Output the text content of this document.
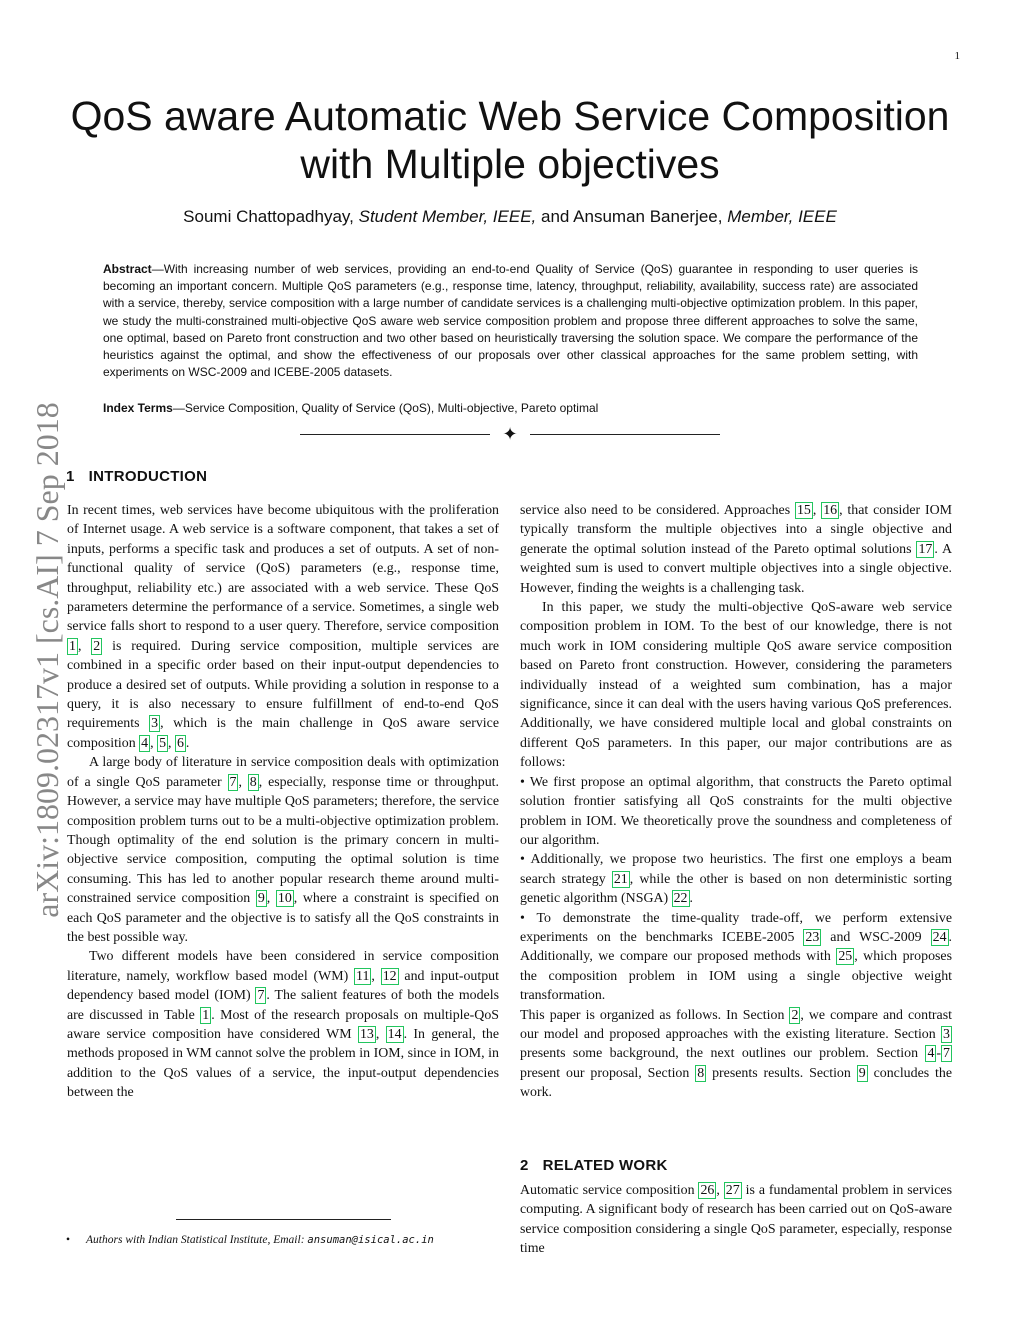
1
arXiv:1809.02317v1 [cs.AI] 7 Sep 2018
QoS aware Automatic Web Service Composition with Multiple objectives
Soumi Chattopadhyay, Student Member, IEEE, and Ansuman Banerjee, Member, IEEE

Abstract—With increasing number of web services, providing an end-to-end Quality of Service (QoS) guarantee in responding to user queries is becoming an important concern. Multiple QoS parameters (e.g., response time, latency, throughput, reliability, availability, success rate) are associated with a service, thereby, service composition with a large number of candidate services is a challenging multi-objective optimization problem. In this paper, we study the multi-constrained multi-objective QoS aware web service composition problem and propose three different approaches to solve the same, one optimal, based on Pareto front construction and two other based on heuristically traversing the solution space. We compare the performance of the heuristics against the optimal, and show the effectiveness of our proposals over other classical approaches for the same problem setting, with experiments on WSC-2009 and ICEBE-2005 datasets.

Index Terms—Service Composition, Quality of Service (QoS), Multi-objective, Pareto optimal

✦
1 INTRODUCTION

In recent times, web services have become ubiquitous with the proliferation of Internet usage. A web service is a software component, that takes a set of inputs, performs a specific task and produces a set of outputs. A set of non-functional quality of service (QoS) parameters (e.g., response time, throughput, reliability etc.) are associated with a web service. These QoS parameters determine the performance of a service. Sometimes, a single web service falls short to respond to a user query. Therefore, service composition 1 , 2 is required. During service composition, multiple services are combined in a specific order based on their input-output dependencies to produce a desired set of outputs. While providing a solution in response to a query, it is also necessary to ensure fulfillment of end-to-end QoS requirements 3 , which is the main challenge in QoS aware service composition 4 , 5 , 6 .

A large body of literature in service composition deals with optimization of a single QoS parameter 7 , 8 , especially, response time or throughput. However, a service may have multiple QoS parameters; therefore, the service composition problem turns out to be a multi-objective optimization problem. Though optimality of the end solution is the primary concern in multi-objective service composition, computing the optimal solution is time consuming. This has led to another popular research theme around multi-constrained service composition 9 , 10 , where a constraint is specified on each QoS parameter and the objective is to satisfy all the QoS constraints in the best possible way.

Two different models have been considered in service composition literature, namely, workflow based model (WM) 11 , 12 and input-output dependency based model (IOM) 7 . The salient features of both the models are discussed in Table 1 . Most of the research proposals on multiple-QoS aware service composition have considered WM 13 , 14 . In general, the methods proposed in WM cannot solve the problem in IOM, since in IOM, in addition to the QoS values of a service, the input-output dependencies between the

• Authors with Indian Statistical Institute, Email: ansuman@isical.ac.in

service also need to be considered. Approaches 15 , 16 , that consider IOM typically transform the multiple objectives into a single objective and generate the optimal solution instead of the Pareto optimal solutions 17 . A weighted sum is used to convert multiple objectives into a single objective. However, finding the weights is a challenging task.

In this paper, we study the multi-objective QoS-aware web service composition problem in IOM. To the best of our knowledge, there is not much work in IOM considering multiple QoS aware service composition based on Pareto front construction. However, considering the parameters individually instead of a weighted sum combination, has a major significance, since it can deal with the users having various QoS preferences. Additionally, we have considered multiple local and global constraints on different QoS parameters. In this paper, our major contributions are as follows:

• We first propose an optimal algorithm, that constructs the Pareto optimal solution frontier satisfying all QoS constraints for the multi objective problem in IOM. We theoretically prove the soundness and completeness of our algorithm.

• Additionally, we propose two heuristics. The first one employs a beam search strategy 21 , while the other is based on non deterministic sorting genetic algorithm (NSGA) 22 .

• To demonstrate the time-quality trade-off, we perform extensive experiments on the benchmarks ICEBE-2005 23 and WSC-2009 24 . Additionally, we compare our proposed methods with 25 , which proposes the composition problem in IOM using a single objective weight transformation.

This paper is organized as follows. In Section 2 , we compare and contrast our model and proposed approaches with the existing literature. Section 3 presents some background, the next outlines our problem. Section 4 - 7 present our proposal, Section 8 presents results. Section 9 concludes the work.

2 RELATED WORK

Automatic service composition 26 , 27 is a fundamental problem in services computing. A significant body of research has been carried out on QoS-aware service composition considering a single QoS parameter, especially, response time
